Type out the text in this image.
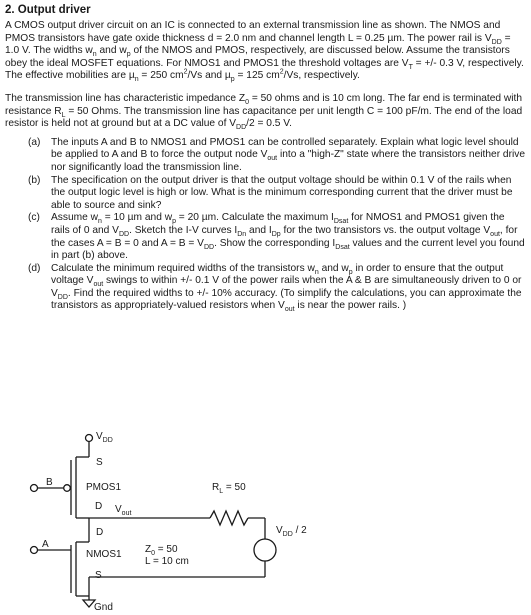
2. Output driver

A CMOS output driver circuit on an IC is connected to an external transmission line as shown. The NMOS and PMOS transistors have gate oxide thickness d = 2.0 nm and channel length L = 0.25 µm. The power rail is $V_{DD} = 1.0$ V. The widths $w_n$ and $w_p$ of the NMOS and PMOS, respectively, are discussed below. Assume the transistors obey the ideal MOSFET equations. For NMOS1 and PMOS1 the threshold voltages are $V_T$ = +/- 0.3 V, respectively. The effective mobilities are µ$_n$ = 250 $cm^2/Vs$ and µ$_p$ = 125 $cm^2/Vs$, respectively.

The transmission line has characteristic impedance $Z_0 = 50$ ohms and is 10 cm long. The far end is terminated with resistance $R_L = 50$ Ohms. The transmission line has capacitance per unit length C = 100 pF/m. The end of the load resistor is held not at ground but at a DC value of $V_{DD}/2 = 0.5$ V.

(a) The inputs A and B to NMOS1 and PMOS1 can be controlled separately. Explain what logic level should be applied to A and B to force the output node $V_{out}$ into a "high-Z" state where the transistors neither drive nor significantly load the transmission line.
(b) The specification on the output driver is that the output voltage should be within 0.1 V of the rails when the output logic level is high or low. What is the minimum corresponding current that the driver must be able to source and sink?
(c) Assume $w_n = 10$ µm and $w_p = 20$ µm. Calculate the maximum $I_{Dsat}$ for NMOS1 and PMOS1 given the rails of 0 and $V_{DD}$. Sketch the I-V curves $I_{Dn}$ and $I_{Dp}$ for the two transistors vs. the output voltage $V_{out}$, for the cases A = B = 0 and $A = B = V_{DD}$. Show the corresponding $I_{Dsat}$ values and the current level you found in part (b) above.
(d) Calculate the minimum required widths of the transistors $w_n$ and $w_p$ in order to ensure that the output voltage $V_{out}$ swings to within +/- 0.1 V of the power rails when the A & B are simultaneously driven to 0 or $V_{DD}$. Find the required widths to +/- 10% accuracy. (To simplify the calculations, you can approximate the transistors as appropriately-valued resistors when $V_{out}$ is near the power rails. )
$V_{DD}$
S
B	PMOS1
D $V_{out}$
D
A
NMOS1
S
Gnd
$R_L = 50$
$Z_0 = 50$
L = 10 cm
$V_{DD} / 2$
